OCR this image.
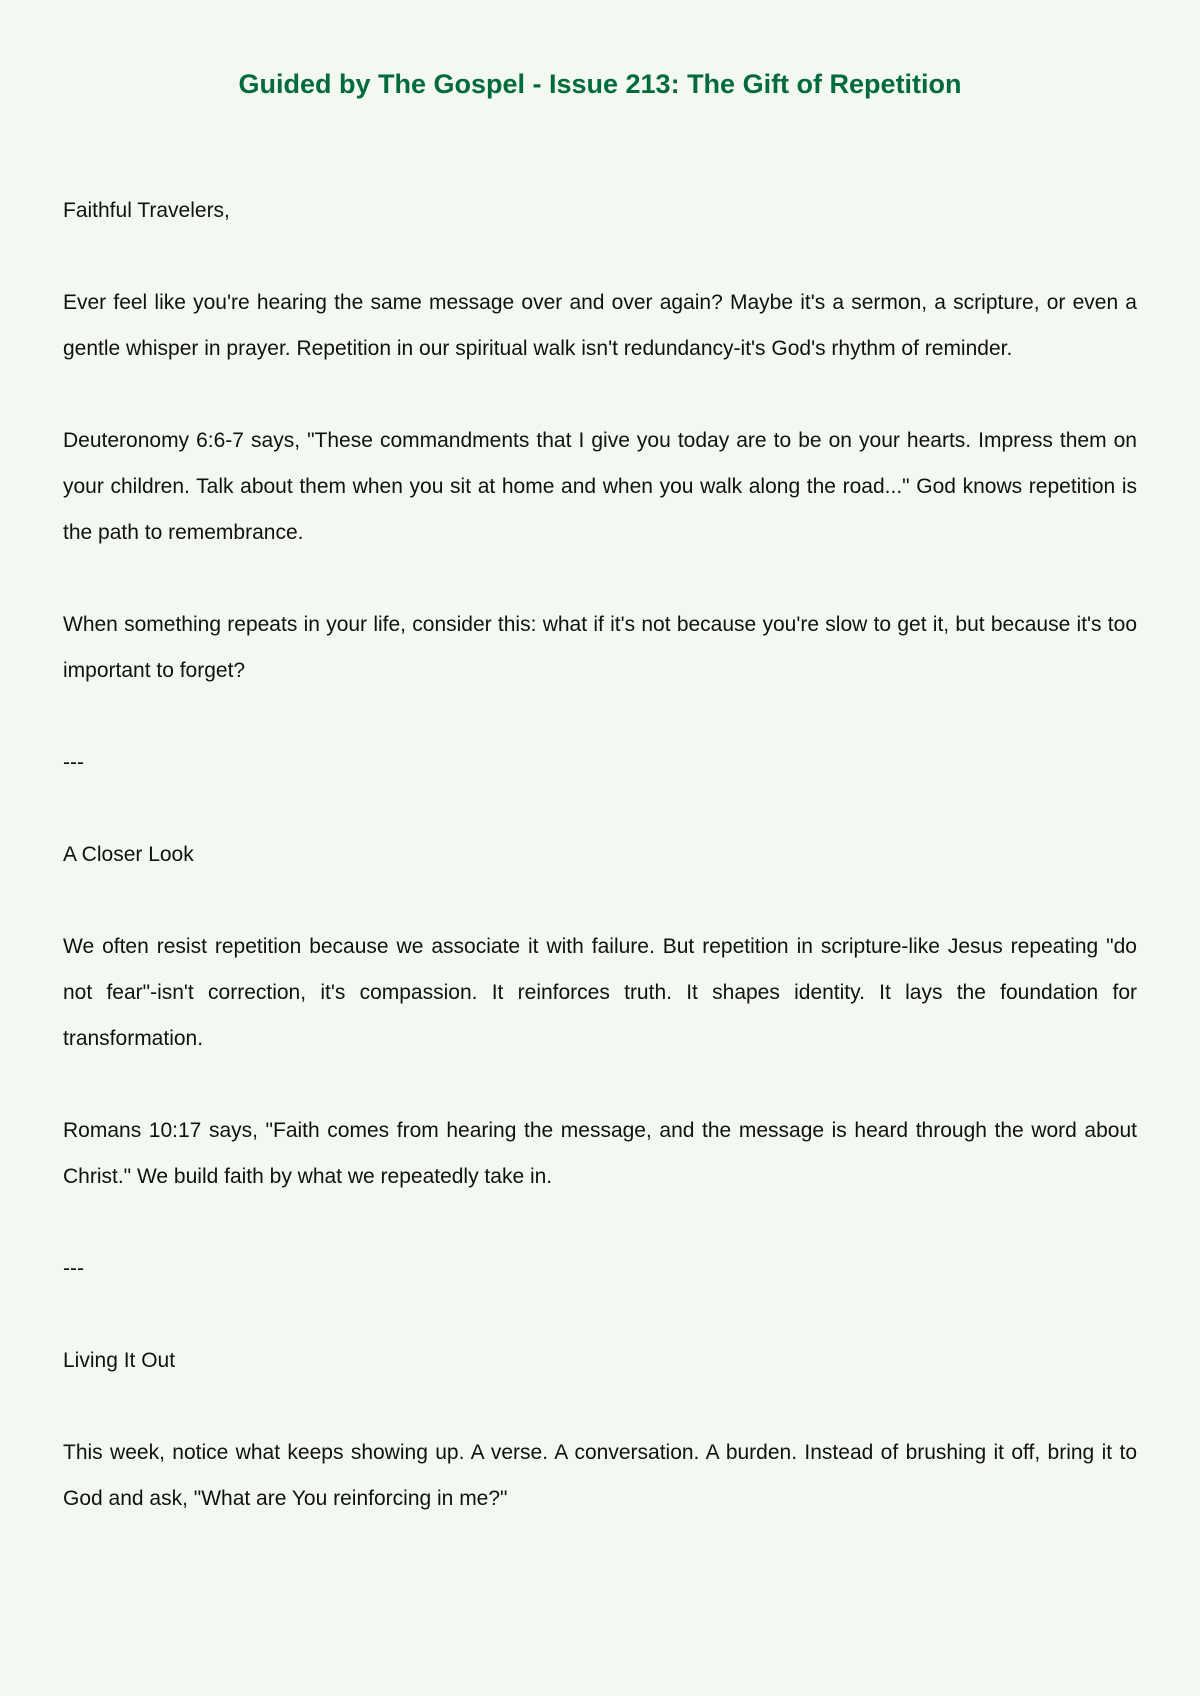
Guided by The Gospel - Issue 213: The Gift of Repetition

Faithful Travelers,

Ever feel like you're hearing the same message over and over again? Maybe it's a sermon, a scripture, or even a gentle whisper in prayer. Repetition in our spiritual walk isn't redundancy-it's God's rhythm of reminder.

Deuteronomy 6:6-7 says, "These commandments that I give you today are to be on your hearts. Impress them on your children. Talk about them when you sit at home and when you walk along the road..." God knows repetition is the path to remembrance.

When something repeats in your life, consider this: what if it's not because you're slow to get it, but because it's too important to forget?

---

A Closer Look

We often resist repetition because we associate it with failure. But repetition in scripture-like Jesus repeating "do not fear"-isn't correction, it's compassion. It reinforces truth. It shapes identity. It lays the foundation for transformation.

Romans 10:17 says, "Faith comes from hearing the message, and the message is heard through the word about Christ." We build faith by what we repeatedly take in.

---

Living It Out

This week, notice what keeps showing up. A verse. A conversation. A burden. Instead of brushing it off, bring it to God and ask, "What are You reinforcing in me?"
